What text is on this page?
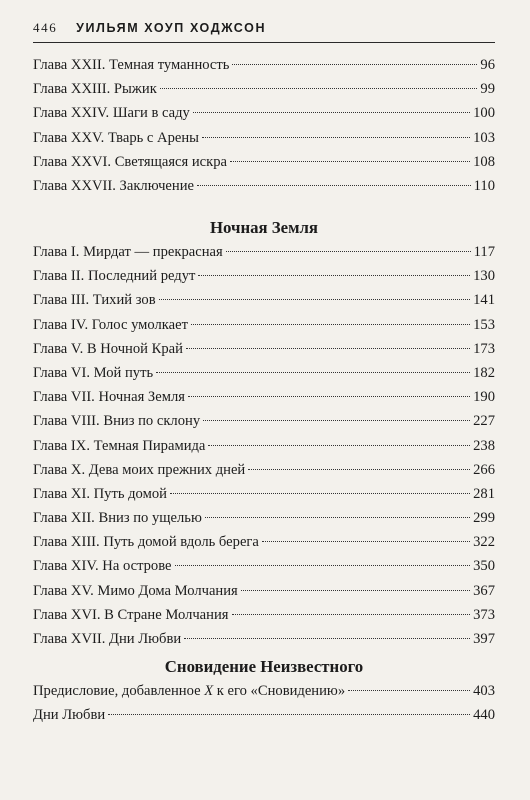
446 УИЛЬЯМ ХОУП ХОДЖСОН
Глава XXII. Темная туманность	96
Глава XXIII. Рыжик	99
Глава XXIV. Шаги в саду	100
Глава XXV. Тварь с Арены	103
Глава XXVI. Светящаяся искра	108
Глава XXVII. Заключение	110
Ночная Земля
Глава I. Мирдат — прекрасная	117
Глава II. Последний редут	130
Глава III. Тихий зов	141
Глава IV. Голос умолкает	153
Глава V. В Ночной Край	173
Глава VI. Мой путь	182
Глава VII. Ночная Земля	190
Глава VIII. Вниз по склону	227
Глава IX. Темная Пирамида	238
Глава X. Дева моих прежних дней	266
Глава XI. Путь домой	281
Глава XII. Вниз по ущелью	299
Глава XIII. Путь домой вдоль берега	322
Глава XIV. На острове	350
Глава XV. Мимо Дома Молчания	367
Глава XVI. В Стране Молчания	373
Глава XVII. Дни Любви	397
Сновидение Неизвестного
Предисловие, добавленное X к его «Сновидению»	403
Дни Любви	440
